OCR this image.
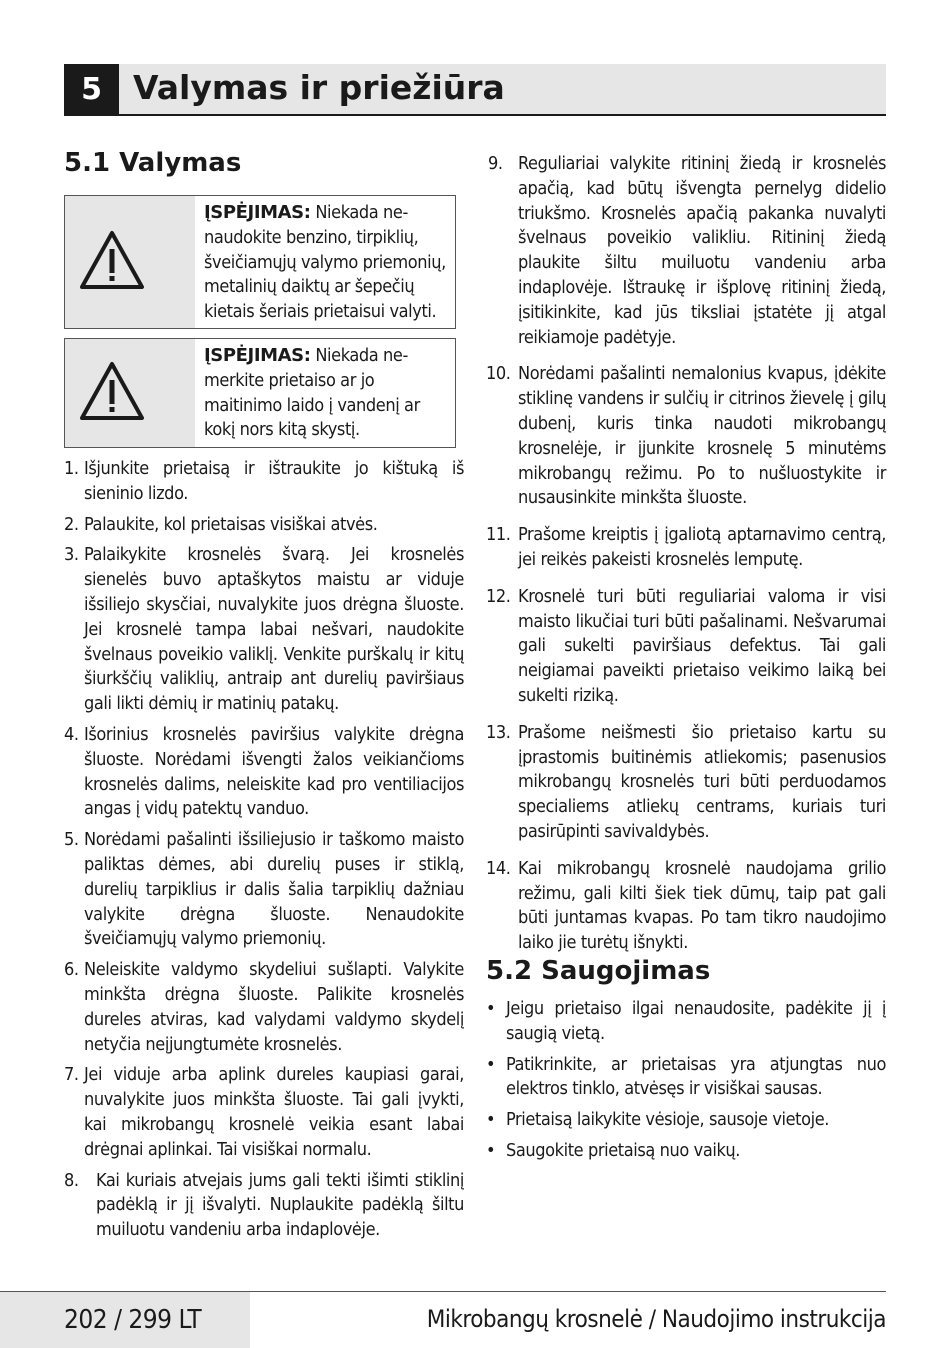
5 Valymas ir priežiūra
5.1 Valymas
ĮSPĖJIMAS: Niekada nenaudokite benzino, tirpiklių, šveičiamųjų valymo priemonių, metalinių daiktų ar šepečių kietais šeriais prietaisui valyti.
ĮSPĖJIMAS: Niekada nemerkite prietaiso ar jo maitinimo laido į vandenį ar kokį nors kitą skystį.
1. Išjunkite prietaisą ir ištraukite jo kištuką iš sieninio lizdo.
2. Palaukite, kol prietaisas visiškai atvės.
3. Palaikykite krosnelės švarą. Jei krosnelės sienelės buvo aptaškytos maistu ar viduje išsiliejo skysčiai, nuvalykite juos drėgna šluoste. Jei krosnelė tampa labai nešvari, naudokite švelnaus poveikio valiklį. Venkite purškalų ir kitų šiurkščių valiklių, antraip ant durelių paviršiaus gali likti dėmių ir matinių patakų.
4. Išorinius krosnelės paviršius valykite drėgna šluoste. Norėdami išvengti žalos veikiančioms krosnelės dalims, neleiskite kad pro ventiliacijos angas į vidų patektų vanduo.
5. Norėdami pašalinti išsiliejusio ir taškomo maisto paliktas dėmes, abi durelių puses ir stiklą, durelių tarpiklius ir dalis šalia tarpiklių dažniau valykite drėgna šluoste. Nenaudokite šveičiamųjų valymo priemonių.
6. Neleiskite valdymo skydeliui sušlapti. Valykite minkšta drėgna šluoste. Palikite krosnelės dureles atviras, kad valydami valdymo skydelį netyčia neįjungtumėte krosnelės.
7. Jei viduje arba aplink dureles kaupiasi garai, nuvalykite juos minkšta šluoste. Tai gali įvykti, kai mikrobangų krosnelė veikia esant labai drėgnai aplinkai. Tai visiškai normalu.
8. Kai kuriais atvejais jums gali tekti išimti stiklinį padėklą ir jį išvalyti. Nuplaukite padėklą šiltu muiluotu vandeniu arba indaplovėje.
9. Reguliariai valykite ritininį žiedą ir krosnelės apačią, kad būtų išvengta pernelyg didelio triukšmo. Krosnelės apačią pakanka nuvalyti švelnaus poveikio valikliu. Ritininį žiedą plaukite šiltu muiluotu vandeniu arba indaplovėje. Ištraukę ir išplovę ritininį žiedą, įsitikinkite, kad jūs tiksliai įstatėte jį atgal reikiamoje padėtyje.
10. Norėdami pašalinti nemalonius kvapus, įdėkite stiklinę vandens ir sulčių ir citrinos žievelę į gilų dubenį, kuris tinka naudoti mikrobangų krosnelėje, ir įjunkite krosnelę 5 minutėms mikrobangų režimu. Po to nušluostykite ir nusausinkite minkšta šluoste.
11. Prašome kreiptis į įgaliotą aptarnavimo centrą, jei reikės pakeisti krosnelės lemputę.
12. Krosnelė turi būti reguliariai valoma ir visi maisto likučiai turi būti pašalinami. Nešvarumai gali sukelti paviršiaus defektus. Tai gali neigiamai paveikti prietaiso veikimo laiką bei sukelti riziką.
13. Prašome neišmesti šio prietaiso kartu su įprastomis buitinėmis atliekomis; pasenusios mikrobangų krosnelės turi būti perduodamos specialiems atliekų centrams, kuriais turi pasirūpinti savivaldybės.
14. Kai mikrobangų krosnelė naudojama grilio režimu, gali kilti šiek tiek dūmų, taip pat gali būti juntamas kvapas. Po tam tikro naudojimo laiko jie turėtų išnykti.
5.2 Saugojimas
• Jeigu prietaiso ilgai nenaudosite, padėkite jį į saugią vietą.
• Patikrinkite, ar prietaisas yra atjungtas nuo elektros tinklo, atvėsęs ir visiškai sausas.
• Prietaisą laikykite vėsioje, sausoje vietoje.
• Saugokite prietaisą nuo vaikų.
202 / 299 LT	Mikrobangų krosnelė / Naudojimo instrukcija
